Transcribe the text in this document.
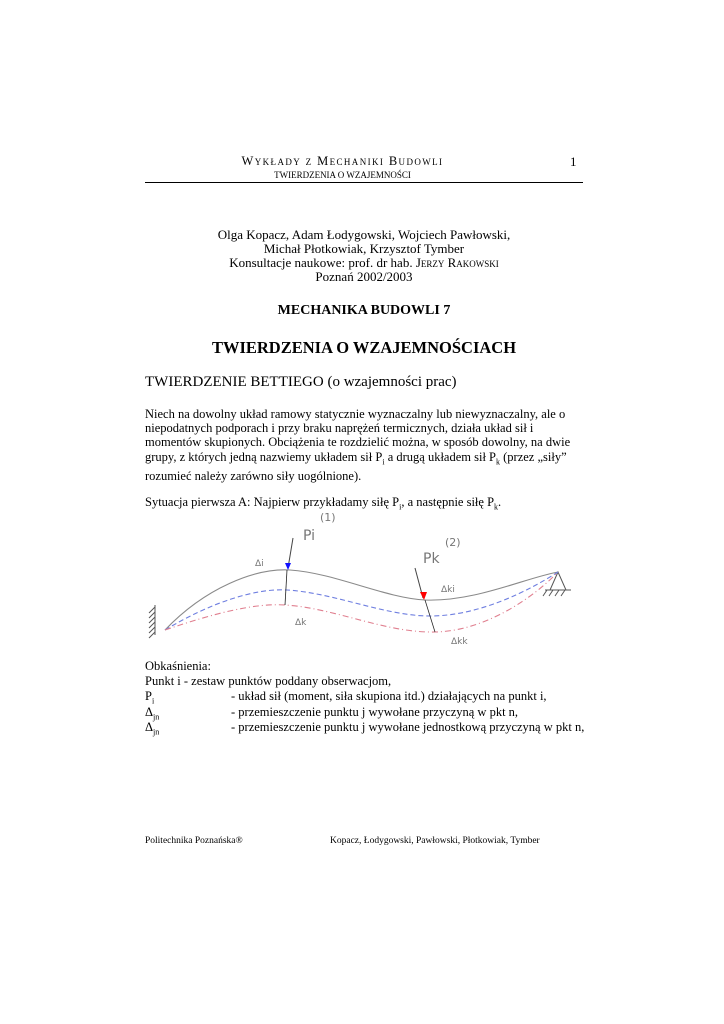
Wykłady z Mechaniki Budowli	1
TWIERDZENIA O WZAJEMNOŚCI
Olga Kopacz, Adam Łodygowski, Wojciech Pawłowski,
Michał Płotkowiak, Krzysztof Tymber
Konsultacje naukowe: prof. dr hab. Jerzy Rakowski
Poznań 2002/2003
MECHANIKA BUDOWLI 7
TWIERDZENIA O WZAJEMNOŚCIACH
TWIERDZENIE BETTIEGO (o wzajemności prac)
Niech na dowolny układ ramowy statycznie wyznaczalny lub niewyznaczalny, ale o
niepodatnych podporach i przy braku naprężeń termicznych, działa układ sił i
momentów skupionych. Obciążenia te rozdzielić można, w sposób dowolny, na dwie
grupy, z których jedną nazwiemy układem sił $P_i$ a drugą układem sił $P_k$ (przez „siły”
rozumieć należy zarówno siły uogólnione).
Sytuacja pierwsza A: Najpierw przykładamy siłę $P_i$, a następnie siłę $P_k$.
(1)
Pi	(2)
Pk
Δi
Δk
Δki
Δkk
Obkaśnienia:
Punkt i - zestaw punktów poddany obserwacjom,
$P_i$	- układ sił (moment, siła skupiona itd.) działających na punkt i,
$\Delta_{jn}$	- przemieszczenie punktu j wywołane przyczyną w pkt n,
$\Delta_{jn}$	- przemieszczenie punktu j wywołane jednostkową przyczyną w pkt n,
Politechnika Poznańska®	Kopacz, Łodygowski, Pawłowski, Płotkowiak, Tymber
